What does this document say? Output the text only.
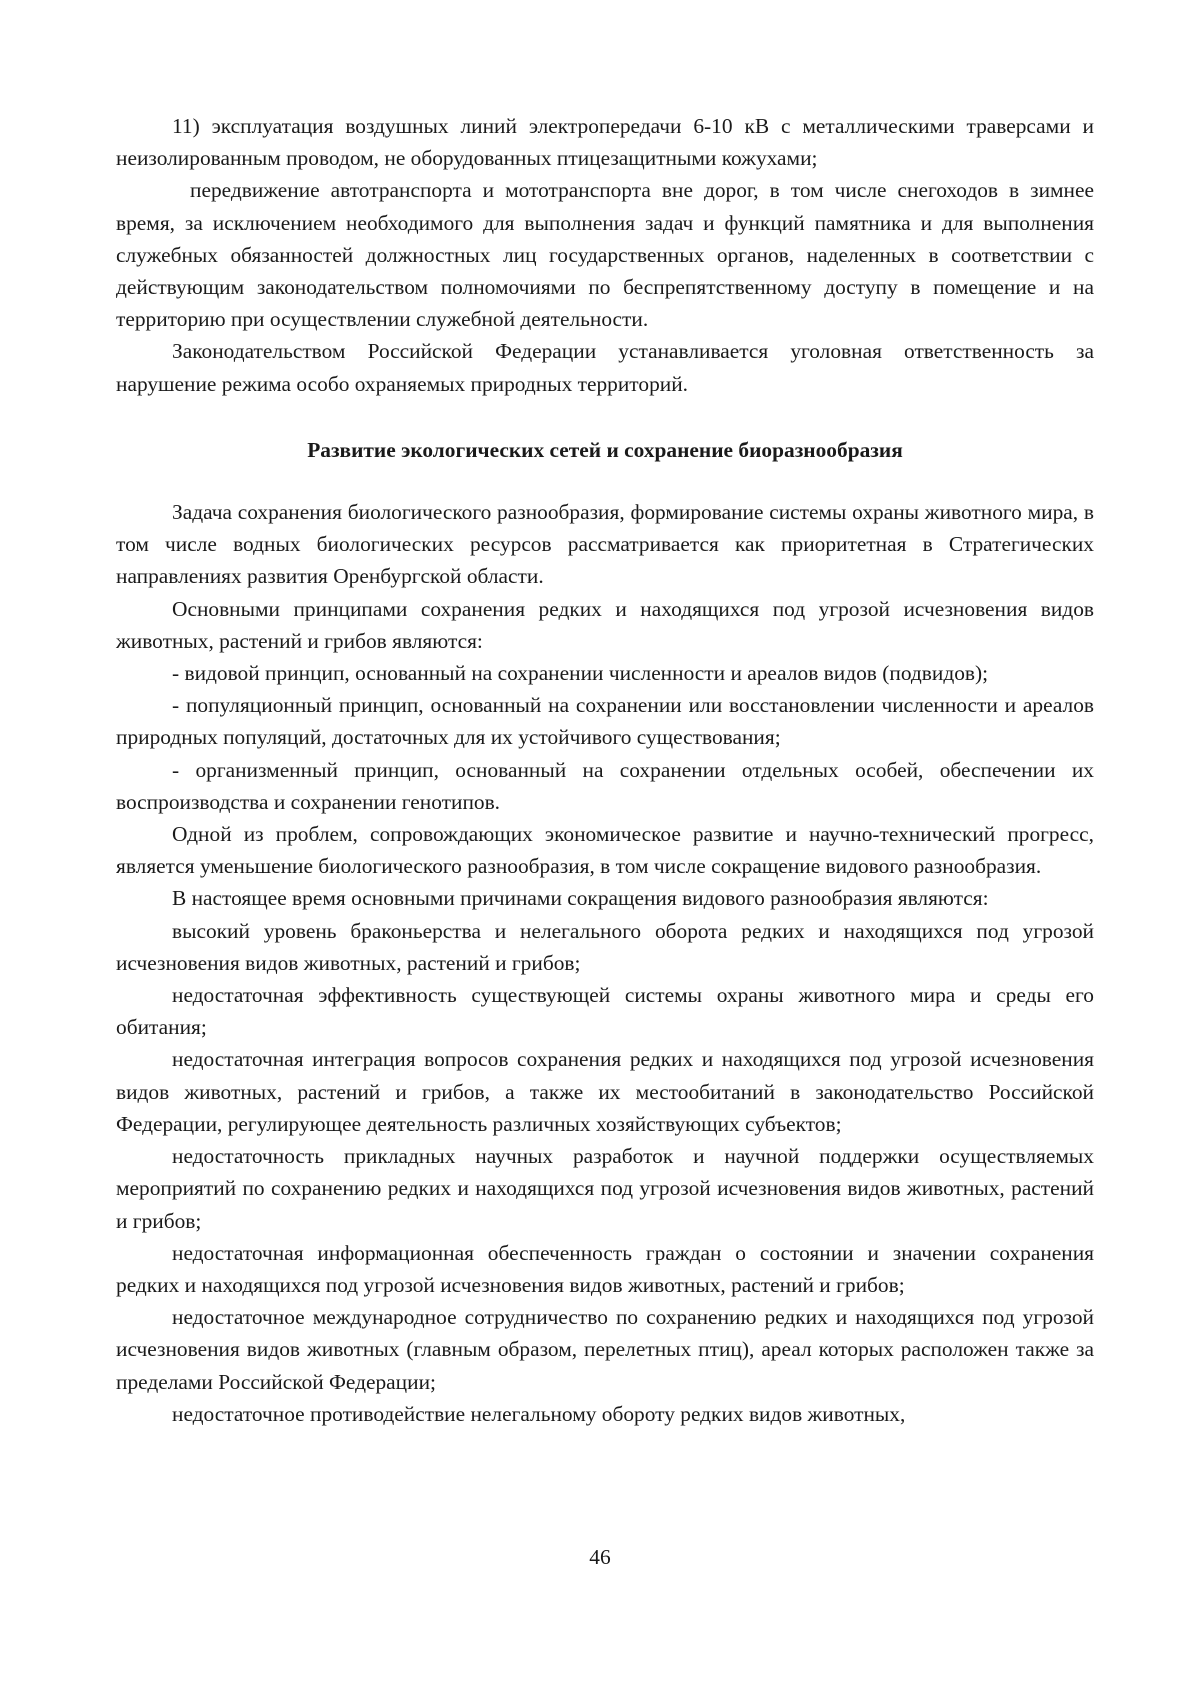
11) эксплуатация воздушных линий электропередачи 6-10 кВ с металлическими траверсами и неизолированным проводом, не оборудованных птицезащитными кожухами;

передвижение автотранспорта и мототранспорта вне дорог, в том числе снегоходов в зимнее время, за исключением необходимого для выполнения задач и функций памятника и для выполнения служебных обязанностей должностных лиц государственных органов, наделенных в соответствии с действующим законодательством полномочиями по беспрепятственному доступу в помещение и на территорию при осуществлении служебной деятельности.

Законодательством Российской Федерации устанавливается уголовная ответственность за нарушение режима особо охраняемых природных территорий.

Развитие экологических сетей и сохранение биоразнообразия

Задача сохранения биологического разнообразия, формирование системы охраны животного мира, в том числе водных биологических ресурсов рассматривается как приоритетная в Стратегических направлениях развития Оренбургской области.

Основными принципами сохранения редких и находящихся под угрозой исчезновения видов животных, растений и грибов являются:

- видовой принцип, основанный на сохранении численности и ареалов видов (подвидов);

- популяционный принцип, основанный на сохранении или восстановлении численности и ареалов природных популяций, достаточных для их устойчивого существования;

- организменный принцип, основанный на сохранении отдельных особей, обеспечении их воспроизводства и сохранении генотипов.

Одной из проблем, сопровождающих экономическое развитие и научно-технический прогресс, является уменьшение биологического разнообразия, в том числе сокращение видового разнообразия.

В настоящее время основными причинами сокращения видового разнообразия являются:

высокий уровень браконьерства и нелегального оборота редких и находящихся под угрозой исчезновения видов животных, растений и грибов;

недостаточная эффективность существующей системы охраны животного мира и среды его обитания;

недостаточная интеграция вопросов сохранения редких и находящихся под угрозой исчезновения видов животных, растений и грибов, а также их местообитаний в законодательство Российской Федерации, регулирующее деятельность различных хозяйствующих субъектов;

недостаточность прикладных научных разработок и научной поддержки осуществляемых мероприятий по сохранению редких и находящихся под угрозой исчезновения видов животных, растений и грибов;

недостаточная информационная обеспеченность граждан о состоянии и значении сохранения редких и находящихся под угрозой исчезновения видов животных, растений и грибов;

недостаточное международное сотрудничество по сохранению редких и находящихся под угрозой исчезновения видов животных (главным образом, перелетных птиц), ареал которых расположен также за пределами Российской Федерации;

недостаточное противодействие нелегальному обороту редких видов животных,

46
